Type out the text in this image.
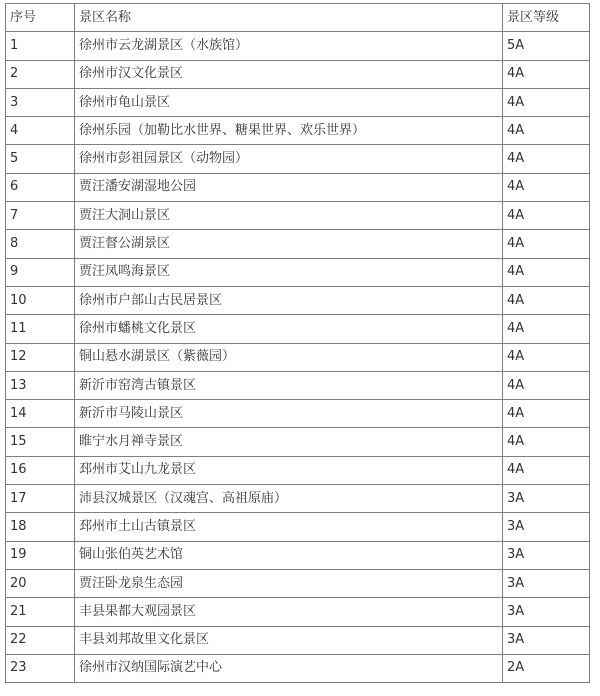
序号	景区名称	景区等级
1	徐州市云龙湖景区（水族馆）	5A
2	徐州市汉文化景区	4A
3	徐州市龟山景区	4A
4	徐州乐园（加勒比水世界、糖果世界、欢乐世界）	4A
5	徐州市彭祖园景区（动物园）	4A
6	贾汪潘安湖湿地公园	4A
7	贾汪大洞山景区	4A
8	贾汪督公湖景区	4A
9	贾汪凤鸣海景区	4A
10	徐州市户部山古民居景区	4A
11	徐州市蟠桃文化景区	4A
12	铜山悬水湖景区（紫薇园）	4A
13	新沂市窑湾古镇景区	4A
14	新沂市马陵山景区	4A
15	睢宁水月禅寺景区	4A
16	邳州市艾山九龙景区	4A
17	沛县汉城景区（汉魂宫、高祖原庙）	3A
18	邳州市土山古镇景区	3A
19	铜山张伯英艺术馆	3A
20	贾汪卧龙泉生态园	3A
21	丰县果都大观园景区	3A
22	丰县刘邦故里文化景区	3A
23	徐州市汉纳国际演艺中心	2A
